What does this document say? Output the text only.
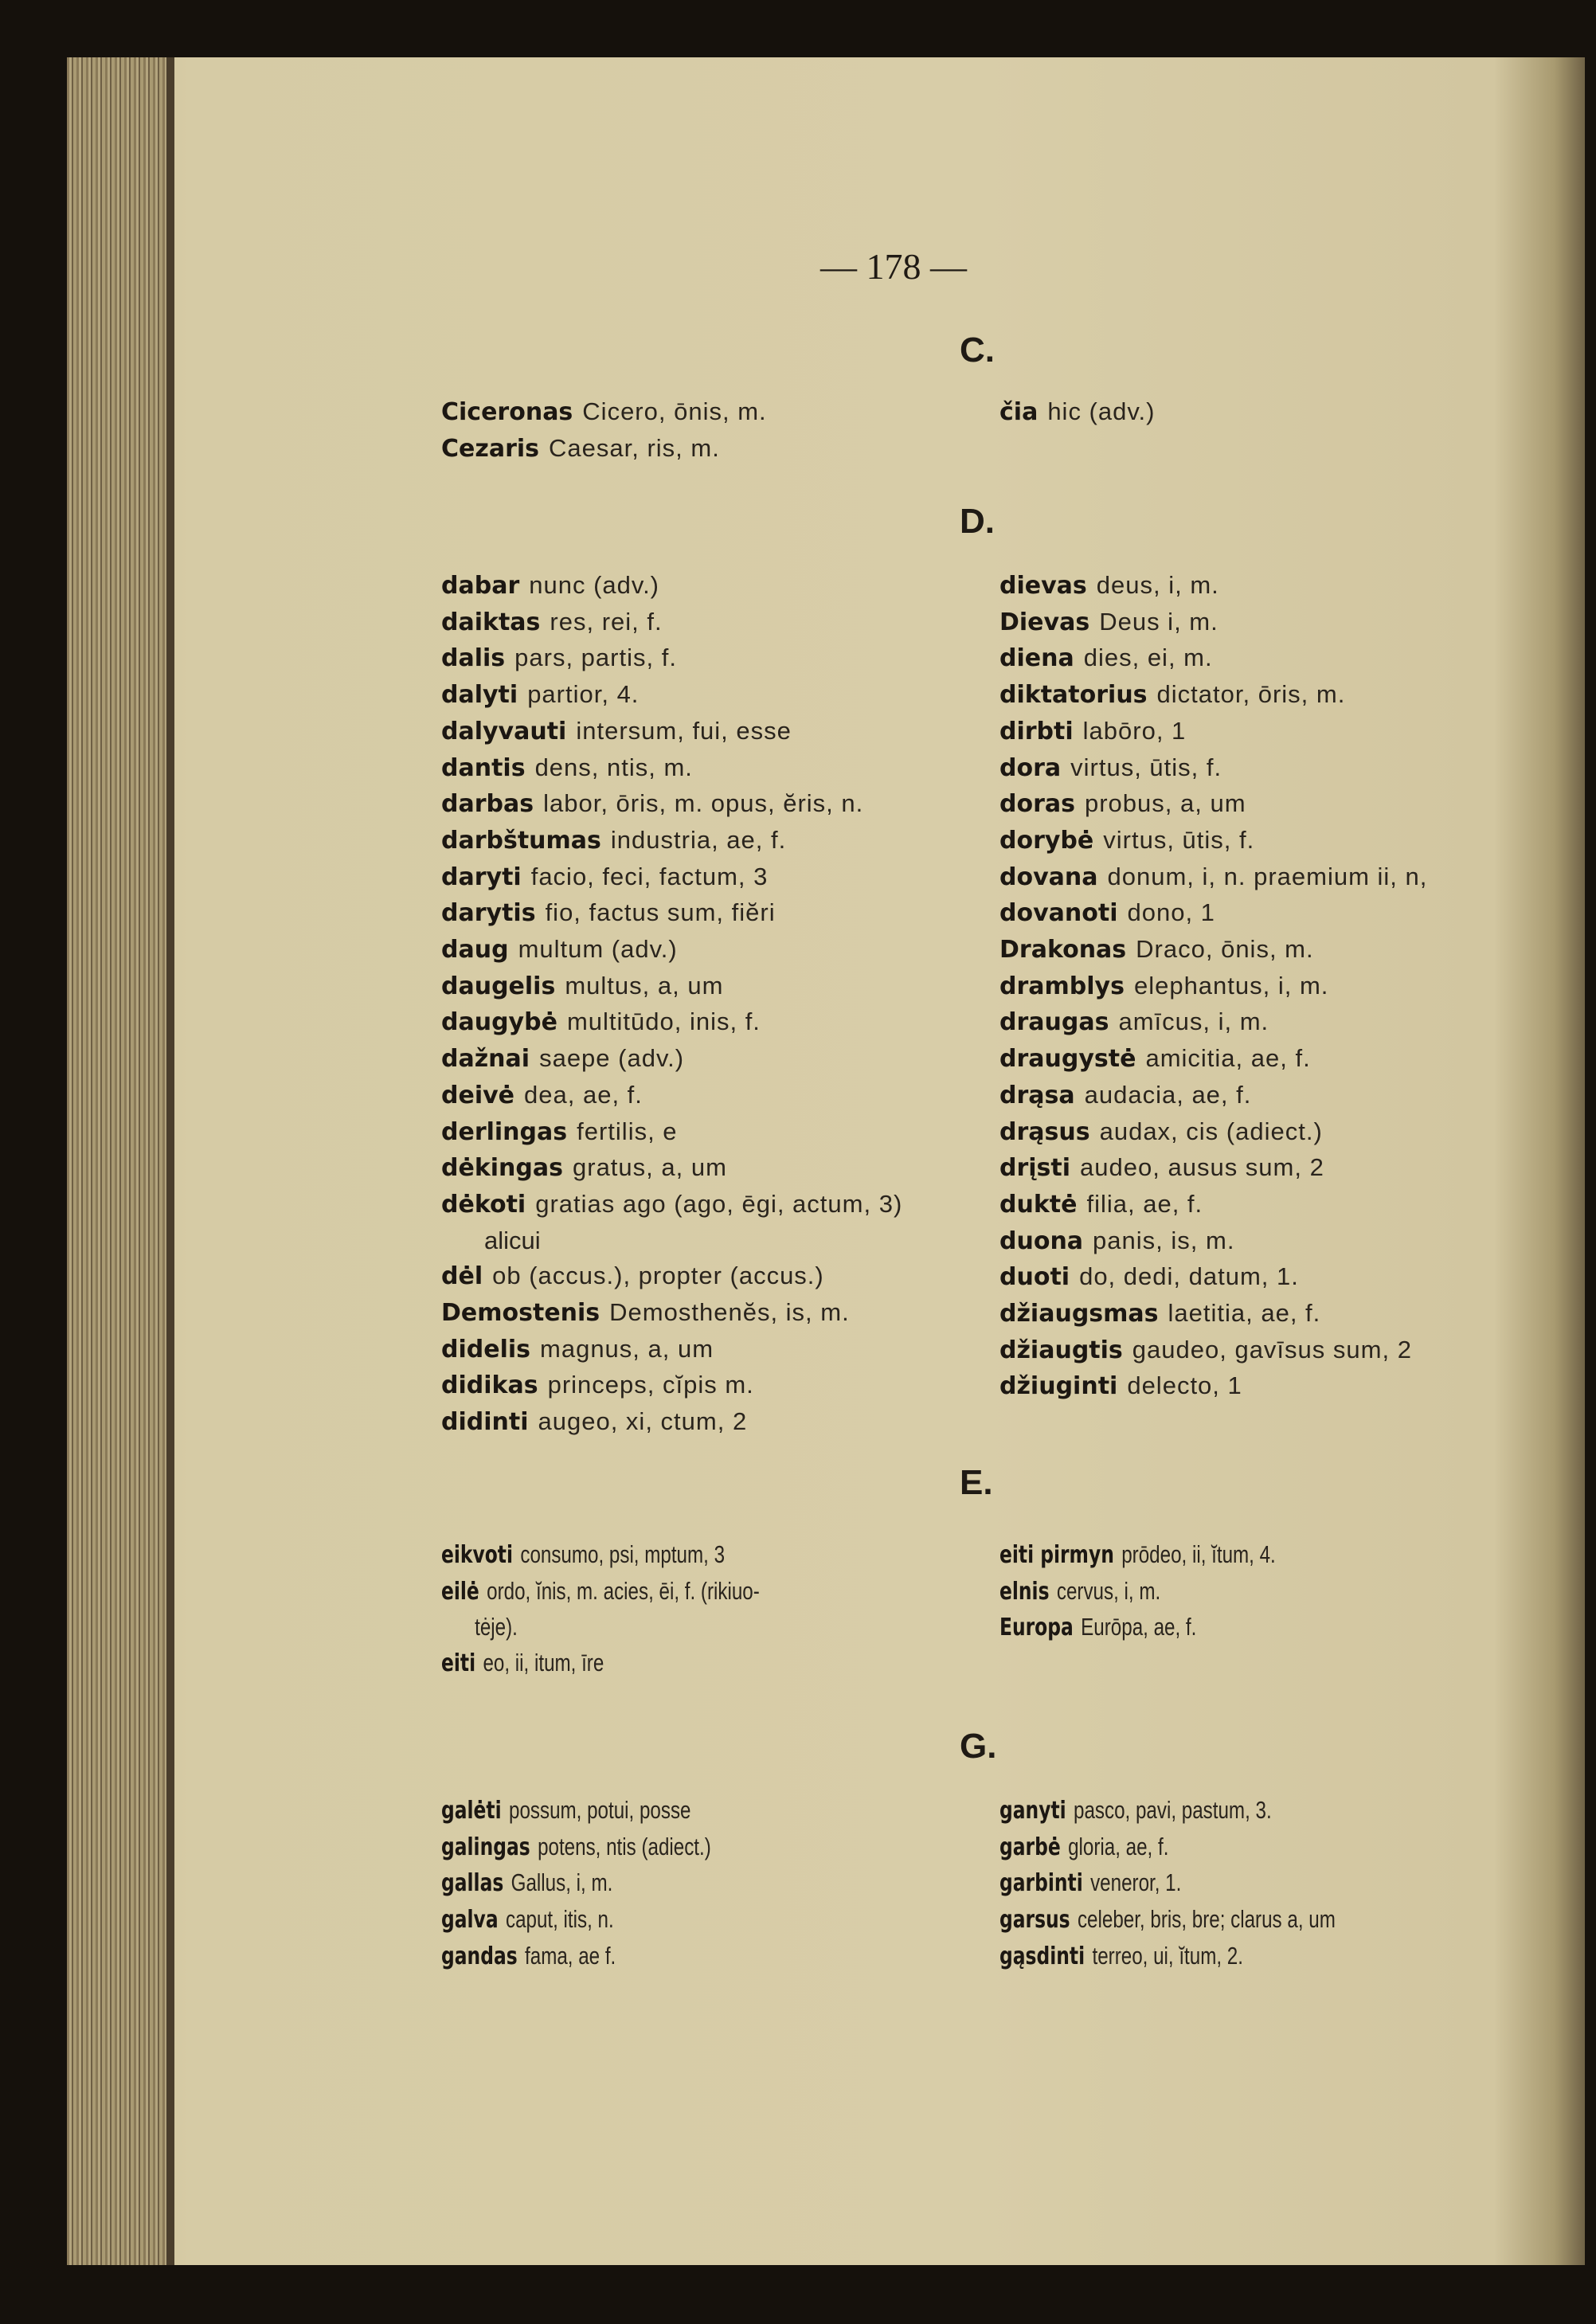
— 178 —
C.
Ciceronas Cicero, ōnis, m.
Cezaris Caesar, ris, m.
čia hic (adv.)
D.
dabar nunc (adv.)
daiktas res, rei, f.
dalis pars, partis, f.
dalyti partior, 4.
dalyvauti intersum, fui, esse
dantis dens, ntis, m.
darbas labor, ōris, m. opus, ĕris, n.
darbštumas industria, ae, f.
daryti facio, feci, factum, 3
darytis fio, factus sum, fiĕri
daug multum (adv.)
daugelis multus, a, um
daugybė multitūdo, inis, f.
dažnai saepe (adv.)
deivė dea, ae, f.
derlingas fertilis, e
dėkingas gratus, a, um
dėkoti gratias ago (ago, ēgi, actum, 3)
alicui
dėl ob (accus.), propter (accus.)
Demostenis Demosthenĕs, is, m.
didelis magnus, a, um
didikas princeps, cĭpis m.
didinti augeo, xi, ctum, 2
dievas deus, i, m.
Dievas Deus i, m.
diena dies, ei, m.
diktatorius dictator, ōris, m.
dirbti labōro, 1
dora virtus, ūtis, f.
doras probus, a, um
dorybė virtus, ūtis, f.
dovana donum, i, n. praemium ii, n,
dovanoti dono, 1
Drakonas Draco, ōnis, m.
dramblys elephantus, i, m.
draugas amīcus, i, m.
draugystė amicitia, ae, f.
drąsa audacia, ae, f.
drąsus audax, cis (adiect.)
drįsti audeo, ausus sum, 2
duktė filia, ae, f.
duona panis, is, m.
duoti do, dedi, datum, 1.
džiaugsmas laetitia, ae, f.
džiaugtis gaudeo, gavīsus sum, 2
džiuginti delecto, 1
E.
eikvoti consumo, psi, mptum, 3
eilė ordo, ĭnis, m. acies, ēi, f. (rikiuo-
tėje).
eiti eo, ii, itum, īre
eiti pirmyn prōdeo, ii, ĭtum, 4.
elnis cervus, i, m.
Europa Eurōpa, ae, f.
G.
galėti possum, potui, posse
galingas potens, ntis (adiect.)
gallas Gallus, i, m.
galva caput, itis, n.
gandas fama, ae f.
ganyti pasco, pavi, pastum, 3.
garbė gloria, ae, f.
garbinti veneror, 1.
garsus celeber, bris, bre; clarus a, um
gąsdinti terreo, ui, ĭtum, 2.
